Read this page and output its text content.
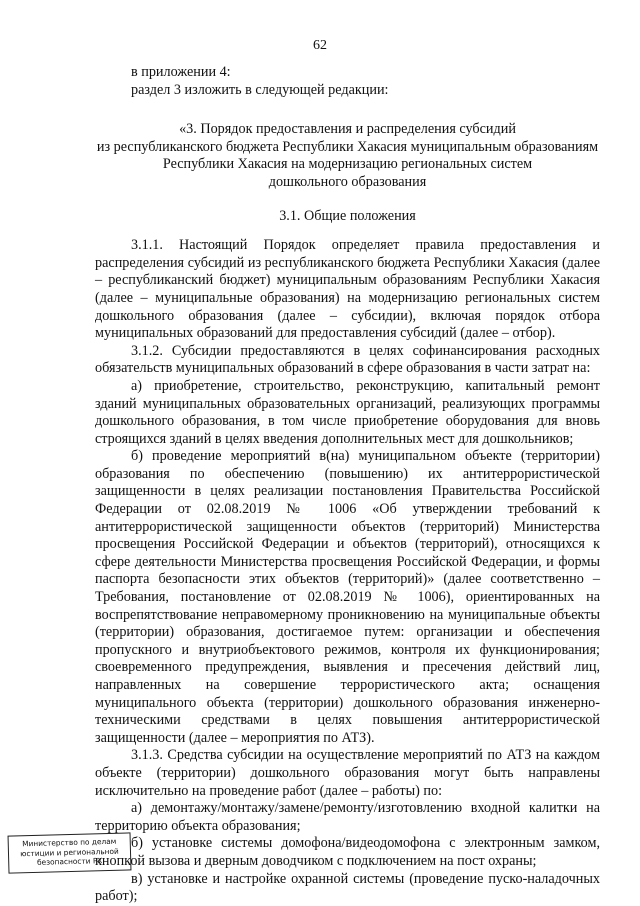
62

в приложении 4:

раздел 3 изложить в следующей редакции:

«3. Порядок предоставления и распределения субсидий
из республиканского бюджета Республики Хакасия муниципальным образованиям
Республики Хакасия на модернизацию региональных систем
дошкольного образования
3.1. Общие положения

3.1.1. Настоящий Порядок определяет правила предоставления и распределения субсидий из республиканского бюджета Республики Хакасия (далее – республиканский бюджет) муниципальным образованиям Республики Хакасия (далее – муниципальные образования) на модернизацию региональных систем дошкольного образования (далее – субсидии), включая порядок отбора муниципальных образований для предоставления субсидий (далее – отбор).

3.1.2. Субсидии предоставляются в целях софинансирования расходных обязательств муниципальных образований в сфере образования в части затрат на:

а) приобретение, строительство, реконструкцию, капитальный ремонт зданий муниципальных образовательных организаций, реализующих программы дошкольного образования, в том числе приобретение оборудования для вновь строящихся зданий в целях введения дополнительных мест для дошкольников;

б) проведение мероприятий в(на) муниципальном объекте (территории) образования по обеспечению (повышению) их антитеррористической защищенности в целях реализации постановления Правительства Российской Федерации от 02.08.2019 № 1006 «Об утверждении требований к антитеррористической защищенности объектов (территорий) Министерства просвещения Российской Федерации и объектов (территорий), относящихся к сфере деятельности Министерства просвещения Российской Федерации, и формы паспорта безопасности этих объектов (территорий)» (далее соответственно – Требования, постановление от 02.08.2019 № 1006), ориентированных на воспрепятствование неправомерному проникновению на муниципальные объекты (территории) образования, достигаемое путем: организации и обеспечения пропускного и внутриобъектового режимов, контроля их функционирования; своевременного предупреждения, выявления и пресечения действий лиц, направленных на совершение террористического акта; оснащения муниципального объекта (территории) дошкольного образования инженерно-техническими средствами в целях повышения антитеррористической защищенности (далее – мероприятия по АТЗ).

3.1.3. Средства субсидии на осуществление мероприятий по АТЗ на каждом объекте (территории) дошкольного образования могут быть направлены исключительно на проведение работ (далее – работы) по:

а) демонтажу/монтажу/замене/ремонту/изготовлению входной калитки на территорию объекта образования;

б) установке системы домофона/видеодомофона с электронным замком, кнопкой вызова и дверным доводчиком с подключением на пост охраны;

в) установке и настройке охранной системы (проведение пуско-наладочных работ);

Министерство по делам
юстиции и региональной
безопасности РХ
